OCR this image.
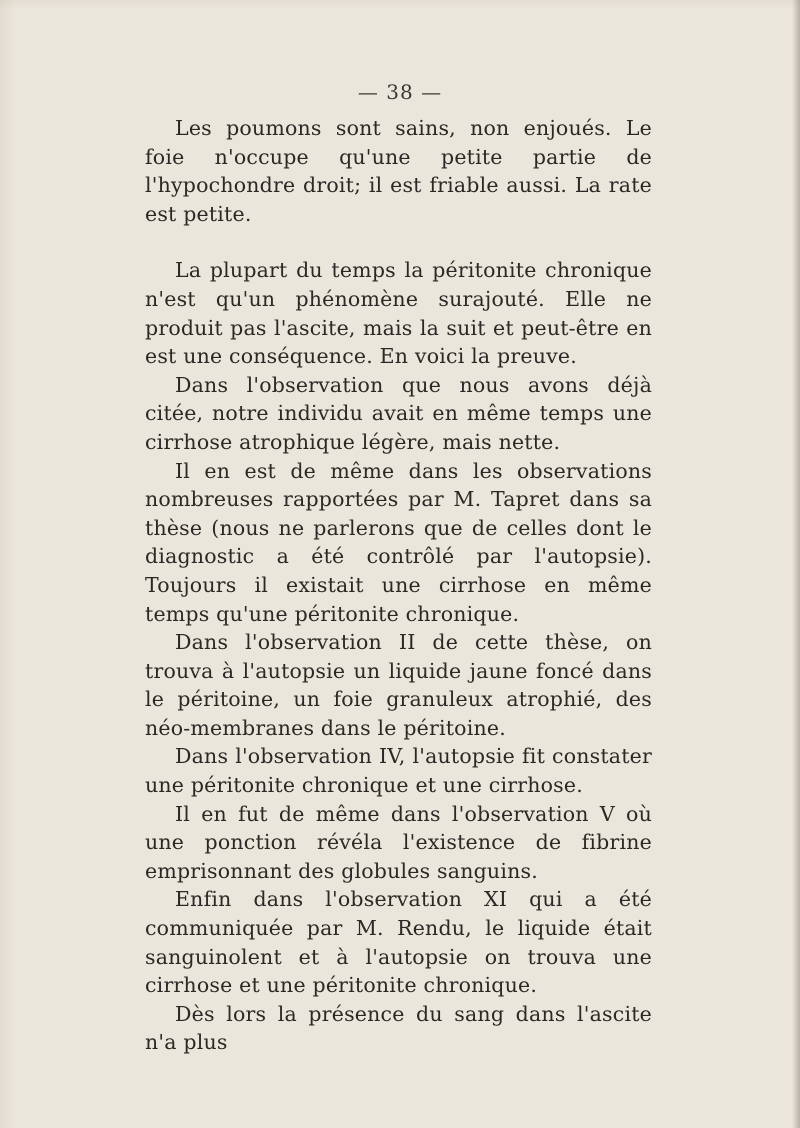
— 38 —

Les poumons sont sains, non enjoués. Le foie n'occupe qu'une petite partie de l'hypochondre droit; il est friable aussi. La rate est petite.

La plupart du temps la péritonite chronique n'est qu'un phénomène surajouté. Elle ne produit pas l'ascite, mais la suit et peut-être en est une conséquence. En voici la preuve.

Dans l'observation que nous avons déjà citée, notre individu avait en même temps une cirrhose atrophique légère, mais nette.

Il en est de même dans les observations nombreuses rapportées par M. Tapret dans sa thèse (nous ne parlerons que de celles dont le diagnostic a été contrôlé par l'autopsie). Toujours il existait une cirrhose en même temps qu'une péritonite chronique.

Dans l'observation II de cette thèse, on trouva à l'autopsie un liquide jaune foncé dans le péritoine, un foie granuleux atrophié, des néo-membranes dans le péritoine.

Dans l'observation IV, l'autopsie fit constater une péritonite chronique et une cirrhose.

Il en fut de même dans l'observation V où une ponction révéla l'existence de fibrine emprisonnant des globules sanguins.

Enfin dans l'observation XI qui a été communiquée par M. Rendu, le liquide était sanguinolent et à l'autopsie on trouva une cirrhose et une péritonite chronique.

Dès lors la présence du sang dans l'ascite n'a plus
